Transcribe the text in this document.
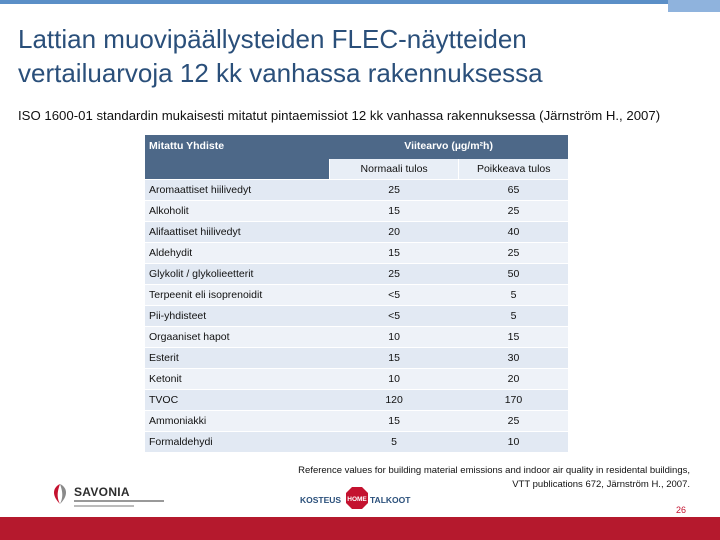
Lattian muovipäällysteiden FLEC-näytteiden
vertailuarvoja 12 kk vanhassa rakennuksessa
ISO 1600-01 standardin mukaisesti mitatut pintaemissiot 12 kk vanhassa rakennuksessa (Järnström H., 2007)
Mitattu Yhdiste	Viitearvo (µg/m²h)	
	Normaali tulos	Poikkeava tulos
Aromaattiset hiilivedyt	25	65
Alkoholit	15	25
Alifaattiset hiilivedyt	20	40
Aldehydit	15	25
Glykolit / glykolieetterit	25	50
Terpeenit eli isoprenoidit	<5	5
Pii-yhdisteet	<5	5
Orgaaniset hapot	10	15
Esterit	15	30
Ketonit	10	20
TVOC	120	170
Ammoniakki	15	25
Formaldehydi	5	10
Reference values for building material emissions and indoor air quality in residental buildings,
VTT publications 672, Järnström H., 2007.
SAVONIA
KOSTEUS HOME TALKOOT
26
